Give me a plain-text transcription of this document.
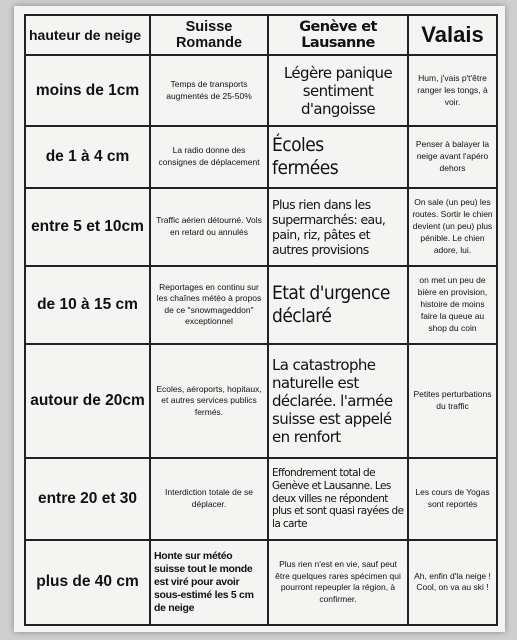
hauteur de neige	Suisse Romande	Genève et Lausanne	Valais
moins de 1cm	Temps de transports augmentés de 25-50%	Légère panique sentiment d'angoisse	Hum, j'vais p't'être ranger les tongs, à voir.
de 1 à 4 cm	La radio donne des consignes de déplacement	Écoles fermées	Penser à balayer la neige avant l'apéro dehors
entre 5 et 10cm	Traffic aérien détourné. Vols en retard ou annulés	Plus rien dans les supermarchés: eau, pain, riz, pâtes et autres provisions	On sale (un peu) les routes. Sortir le chien devient (un peu) plus pénible. Le chien adore, lui.
de 10 à 15 cm	Reportages en continu sur les chaînes météo à propos de ce "snowmageddon" exceptionnel	Etat d'urgence déclaré	on met un peu de bière en provision, histoire de moins faire la queue au shop du coin
autour de 20cm	Ecoles, aéroports, hopitaux, et autres services publics fermés.	La catastrophe naturelle est déclarée. l'armée suisse est appelé en renfort	Petites perturbations du traffic
entre 20 et 30	Interdiction totale de se déplacer.	Effondrement total de Genève et Lausanne. Les deux villes ne répondent plus et sont quasi rayées de la carte	Les cours de Yogas sont reportés
plus de 40 cm	Honte sur météo suisse tout le monde est viré pour avoir sous-estimé les 5 cm de neige	Plus rien n'est en vie, sauf peut être quelques rares spécimen qui pourront repeupler la région, à confirmer.	Ah, enfin d'la neige ! Cool, on va au ski !
